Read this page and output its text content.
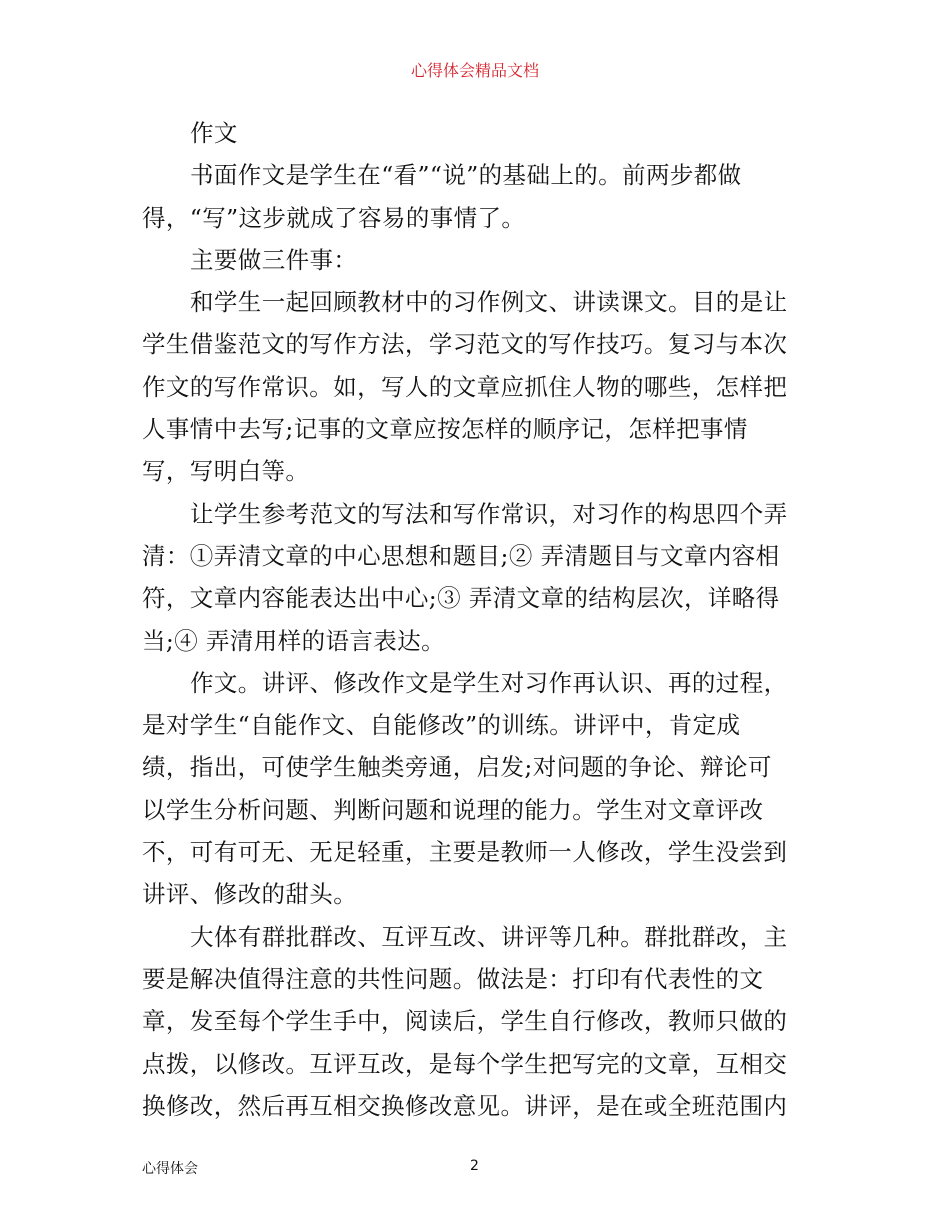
心得体会精品文档
作文
书面作文是学生在“看”“说”的基础上的。前两步都做
得，“写”这步就成了容易的事情了。
主要做三件事：
和学生一起回顾教材中的习作例文、讲读课文。目的是让
学生借鉴范文的写作方法，学习范文的写作技巧。复习与本次
作文的写作常识。如，写人的文章应抓住人物的哪些，怎样把
人事情中去写;记事的文章应按怎样的顺序记，怎样把事情
写，写明白等。
让学生参考范文的写法和写作常识，对习作的构思四个弄
清：①弄清文章的中心思想和题目;② 弄清题目与文章内容相
符，文章内容能表达出中心;③ 弄清文章的结构层次，详略得
当;④ 弄清用样的语言表达。
作文。讲评、修改作文是学生对习作再认识、再的过程，
是对学生“自能作文、自能修改”的训练。讲评中，肯定成
绩，指出，可使学生触类旁通，启发;对问题的争论、辩论可
以学生分析问题、判断问题和说理的能力。学生对文章评改
不，可有可无、无足轻重，主要是教师一人修改，学生没尝到
讲评、修改的甜头。
大体有群批群改、互评互改、讲评等几种。群批群改，主
要是解决值得注意的共性问题。做法是：打印有代表性的文
章，发至每个学生手中，阅读后，学生自行修改，教师只做的
点拨，以修改。互评互改，是每个学生把写完的文章，互相交
换修改，然后再互相交换修改意见。讲评，是在或全班范围内
心得体会	2
